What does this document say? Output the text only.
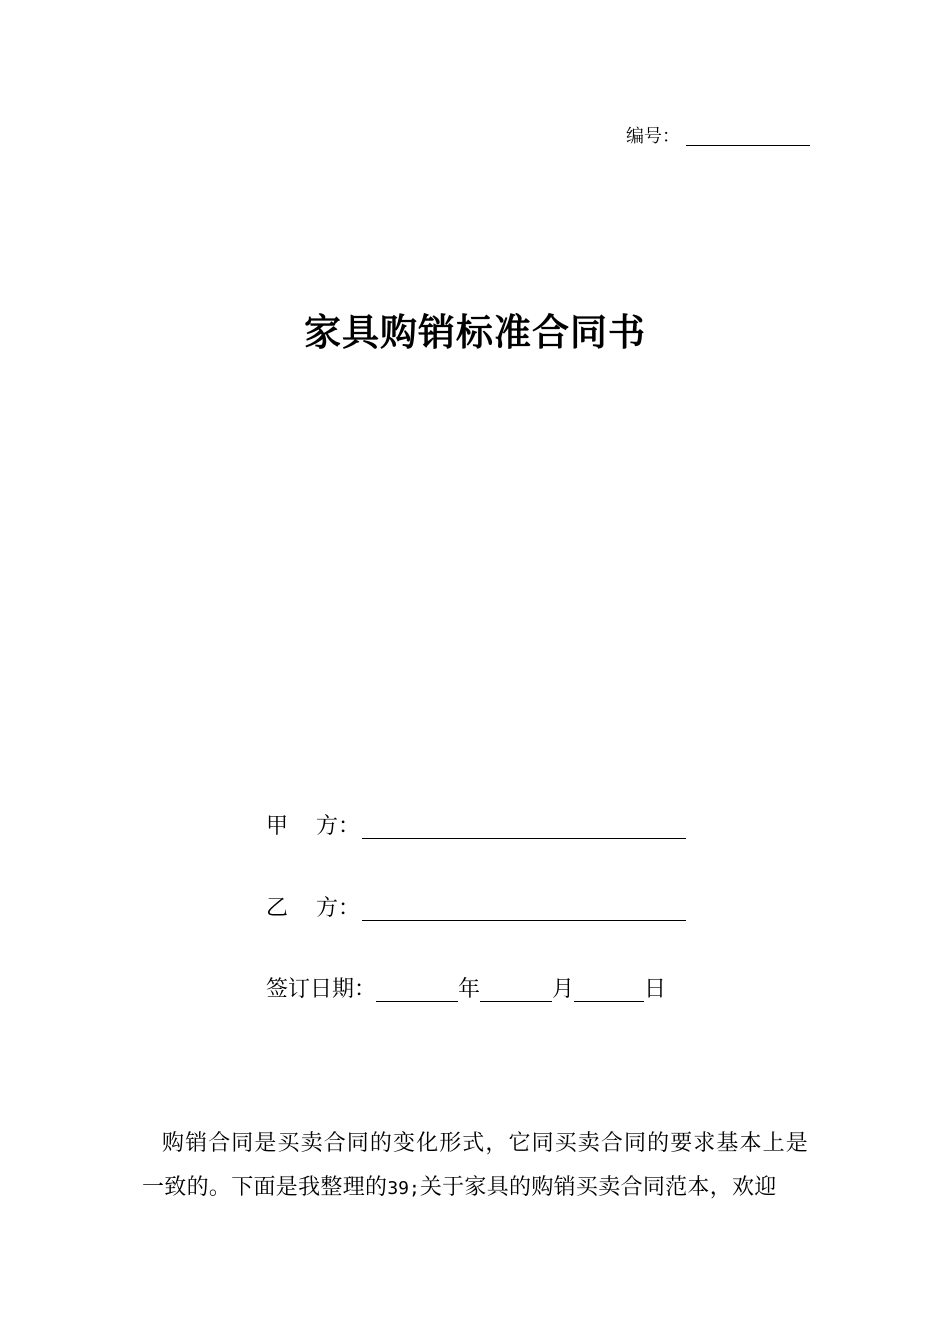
编号：
家具购销标准合同书
甲    方：
乙    方：
签订日期：	年	月	日
购销合同是买卖合同的变化形式，它同买卖合同的要求基本上是一致的。下面是我整理的39;关于家具的购销买卖合同范本，欢迎
